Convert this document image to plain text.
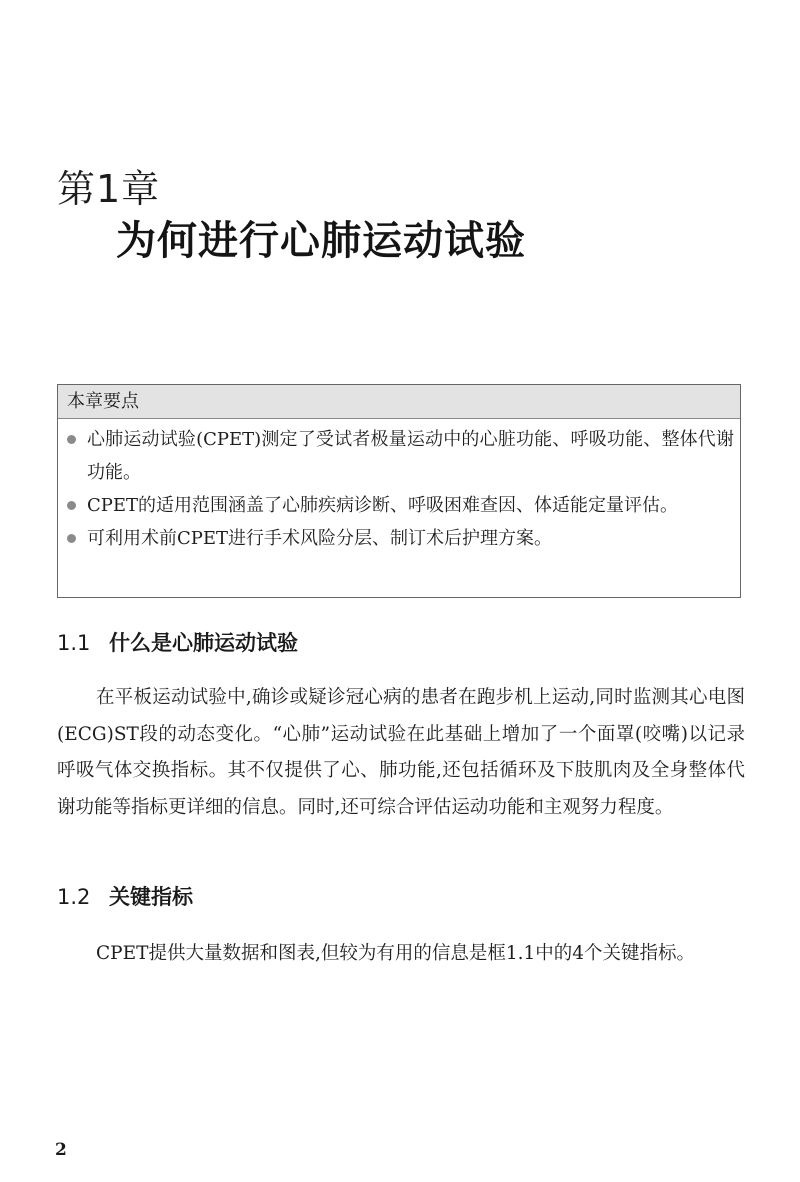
第1章
为何进行心肺运动试验
本章要点
心肺运动试验(CPET)测定了受试者极量运动中的心脏功能、呼吸功能、整体代谢功能。
CPET的适用范围涵盖了心肺疾病诊断、呼吸困难查因、体适能定量评估。
可利用术前CPET进行手术风险分层、制订术后护理方案。
1.1 什么是心肺运动试验

在平板运动试验中,确诊或疑诊冠心病的患者在跑步机上运动,同时监测其心电图(ECG)ST段的动态变化。“心肺”运动试验在此基础上增加了一个面罩(咬嘴)以记录呼吸气体交换指标。其不仅提供了心、肺功能,还包括循环及下肢肌肉及全身整体代谢功能等指标更详细的信息。同时,还可综合评估运动功能和主观努力程度。

1.2 关键指标

CPET提供大量数据和图表,但较为有用的信息是框1.1中的4个关键指标。

2
